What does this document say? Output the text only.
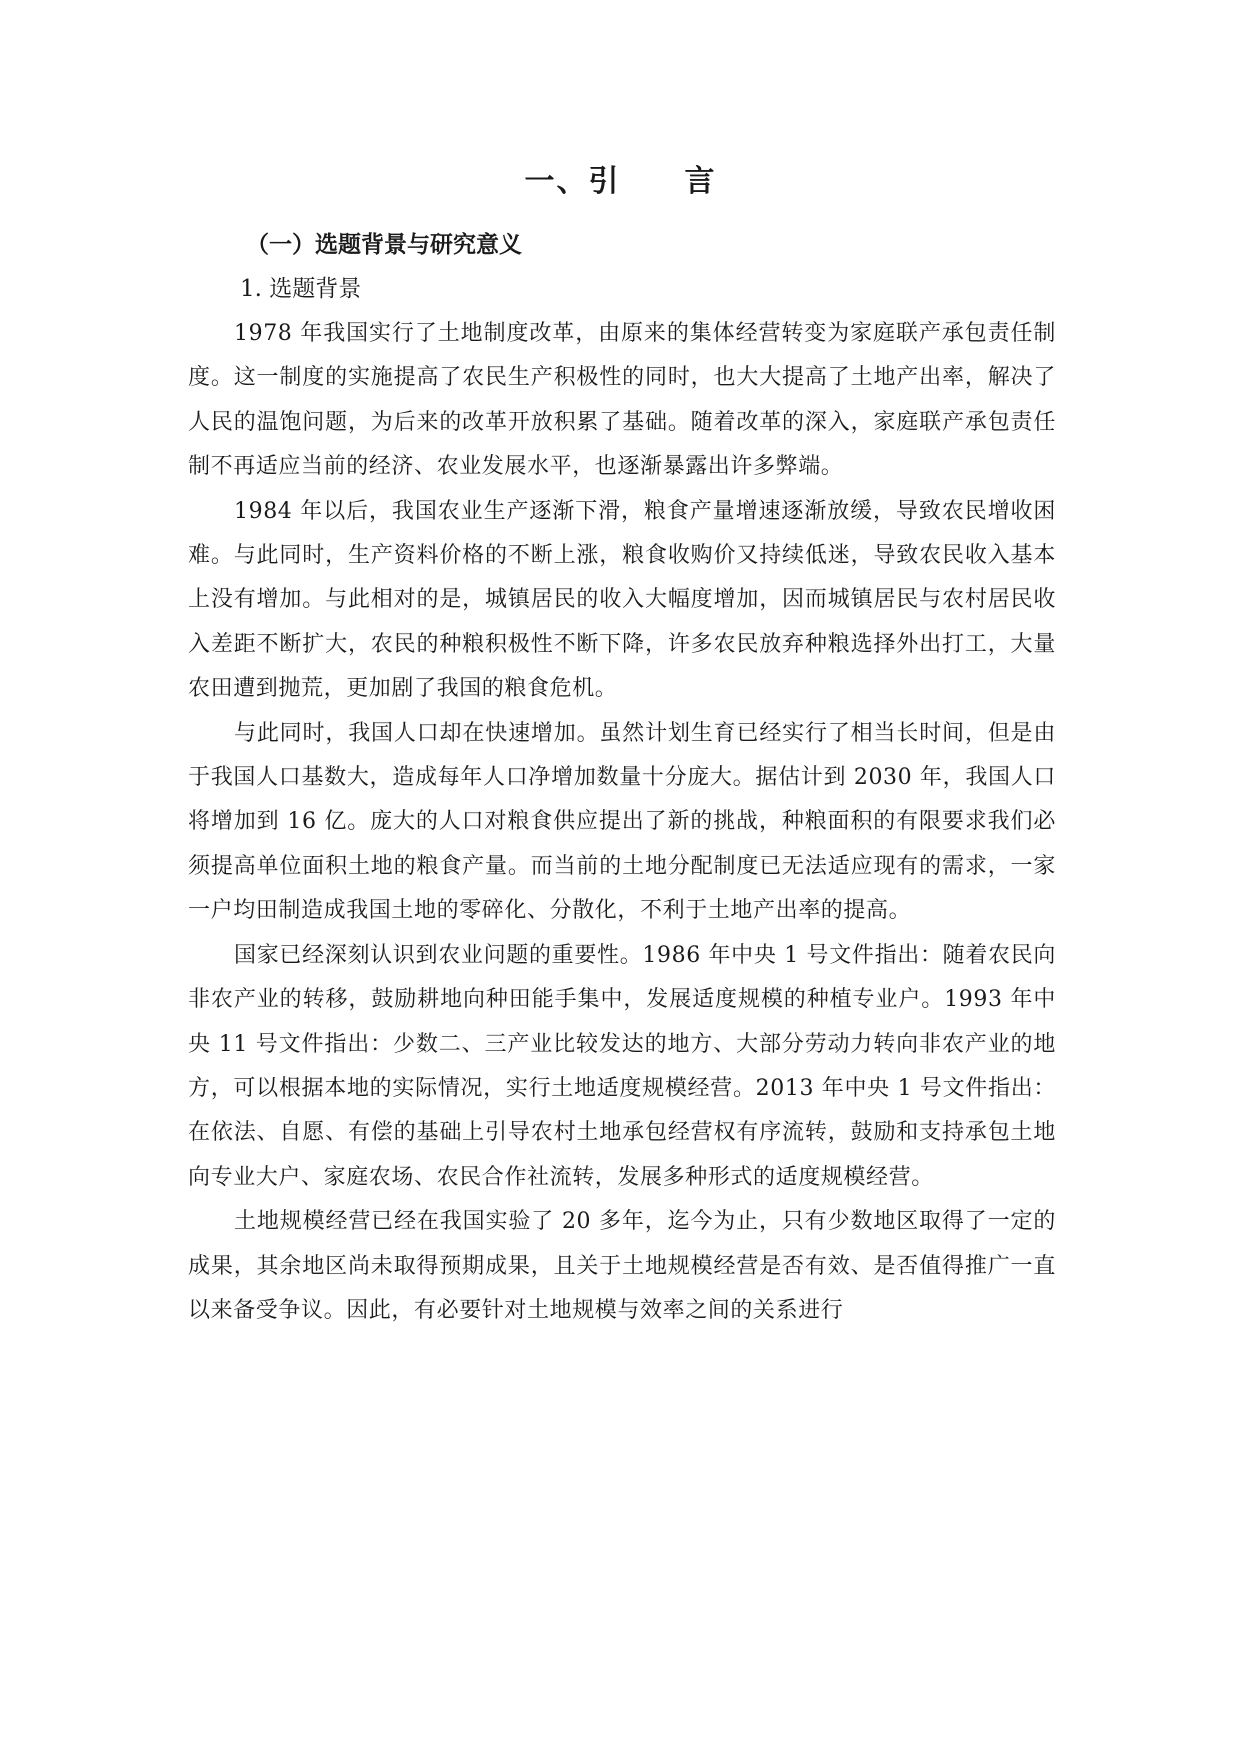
一、引　　言
（一）选题背景与研究意义
1. 选题背景

1978 年我国实行了土地制度改革，由原来的集体经营转变为家庭联产承包责任制度。这一制度的实施提高了农民生产积极性的同时，也大大提高了土地产出率，解决了人民的温饱问题，为后来的改革开放积累了基础。随着改革的深入，家庭联产承包责任制不再适应当前的经济、农业发展水平，也逐渐暴露出许多弊端。

1984 年以后，我国农业生产逐渐下滑，粮食产量增速逐渐放缓，导致农民增收困难。与此同时，生产资料价格的不断上涨，粮食收购价又持续低迷，导致农民收入基本上没有增加。与此相对的是，城镇居民的收入大幅度增加，因而城镇居民与农村居民收入差距不断扩大，农民的种粮积极性不断下降，许多农民放弃种粮选择外出打工，大量农田遭到抛荒，更加剧了我国的粮食危机。

与此同时，我国人口却在快速增加。虽然计划生育已经实行了相当长时间，但是由于我国人口基数大，造成每年人口净增加数量十分庞大。据估计到 2030 年，我国人口将增加到 16 亿。庞大的人口对粮食供应提出了新的挑战，种粮面积的有限要求我们必须提高单位面积土地的粮食产量。而当前的土地分配制度已无法适应现有的需求，一家一户均田制造成我国土地的零碎化、分散化，不利于土地产出率的提高。

国家已经深刻认识到农业问题的重要性。1986 年中央 1 号文件指出：随着农民向非农产业的转移，鼓励耕地向种田能手集中，发展适度规模的种植专业户。1993 年中央 11 号文件指出：少数二、三产业比较发达的地方、大部分劳动力转向非农产业的地方，可以根据本地的实际情况，实行土地适度规模经营。2013 年中央 1 号文件指出：在依法、自愿、有偿的基础上引导农村土地承包经营权有序流转，鼓励和支持承包土地向专业大户、家庭农场、农民合作社流转，发展多种形式的适度规模经营。

土地规模经营已经在我国实验了 20 多年，迄今为止，只有少数地区取得了一定的成果，其余地区尚未取得预期成果，且关于土地规模经营是否有效、是否值得推广一直以来备受争议。因此，有必要针对土地规模与效率之间的关系进行
